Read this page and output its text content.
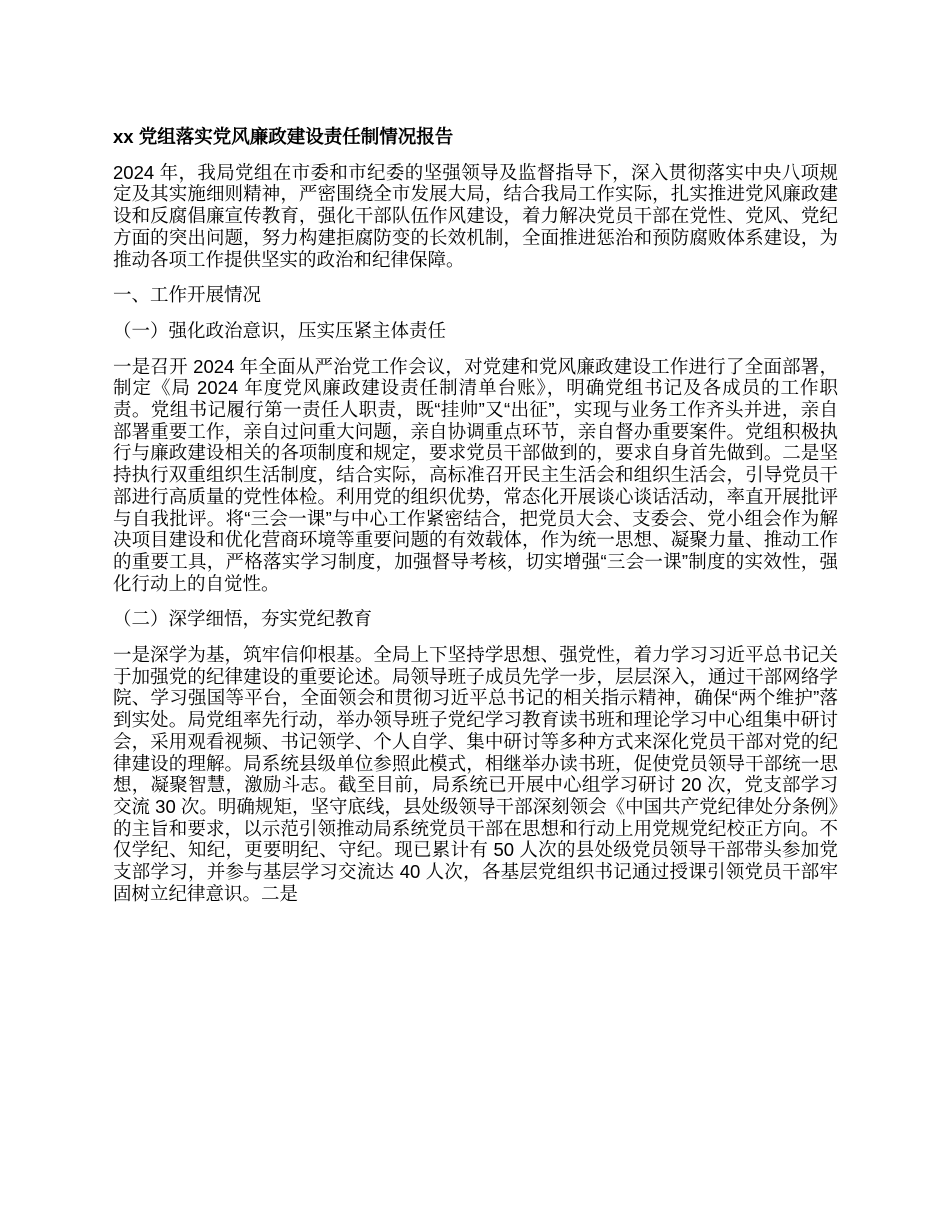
xx 党组落实党风廉政建设责任制情况报告

2024 年，我局党组在市委和市纪委的坚强领导及监督指导下，深入贯彻落实中央八项规定及其实施细则精神，严密围绕全市发展大局，结合我局工作实际，扎实推进党风廉政建设和反腐倡廉宣传教育，强化干部队伍作风建设，着力解决党员干部在党性、党风、党纪方面的突出问题，努力构建拒腐防变的长效机制，全面推进惩治和预防腐败体系建设，为推动各项工作提供坚实的政治和纪律保障。

一、工作开展情况
（一）强化政治意识，压实压紧主体责任

一是召开 2024 年全面从严治党工作会议，对党建和党风廉政建设工作进行了全面部署，制定《局 2024 年度党风廉政建设责任制清单台账》，明确党组书记及各成员的工作职责。党组书记履行第一责任人职责，既“挂帅”又“出征”，实现与业务工作齐头并进，亲自部署重要工作，亲自过问重大问题，亲自协调重点环节，亲自督办重要案件。党组积极执行与廉政建设相关的各项制度和规定，要求党员干部做到的，要求自身首先做到。二是坚持执行双重组织生活制度，结合实际，高标准召开民主生活会和组织生活会，引导党员干部进行高质量的党性体检。利用党的组织优势，常态化开展谈心谈话活动，率直开展批评与自我批评。将“三会一课”与中心工作紧密结合，把党员大会、支委会、党小组会作为解决项目建设和优化营商环境等重要问题的有效载体，作为统一思想、凝聚力量、推动工作的重要工具，严格落实学习制度，加强督导考核，切实增强“三会一课”制度的实效性，强化行动上的自觉性。

（二）深学细悟，夯实党纪教育

一是深学为基，筑牢信仰根基。全局上下坚持学思想、强党性，着力学习习近平总书记关于加强党的纪律建设的重要论述。局领导班子成员先学一步，层层深入，通过干部网络学院、学习强国等平台，全面领会和贯彻习近平总书记的相关指示精神，确保“两个维护”落到实处。局党组率先行动，举办领导班子党纪学习教育读书班和理论学习中心组集中研讨会，采用观看视频、书记领学、个人自学、集中研讨等多种方式来深化党员干部对党的纪律建设的理解。局系统县级单位参照此模式，相继举办读书班，促使党员领导干部统一思想，凝聚智慧，激励斗志。截至目前，局系统已开展中心组学习研讨 20 次，党支部学习交流 30 次。明确规矩，坚守底线，县处级领导干部深刻领会《中国共产党纪律处分条例》的主旨和要求，以示范引领推动局系统党员干部在思想和行动上用党规党纪校正方向。不仅学纪、知纪，更要明纪、守纪。现已累计有 50 人次的县处级党员领导干部带头参加党支部学习，并参与基层学习交流达 40 人次，各基层党组织书记通过授课引领党员干部牢固树立纪律意识。二是
